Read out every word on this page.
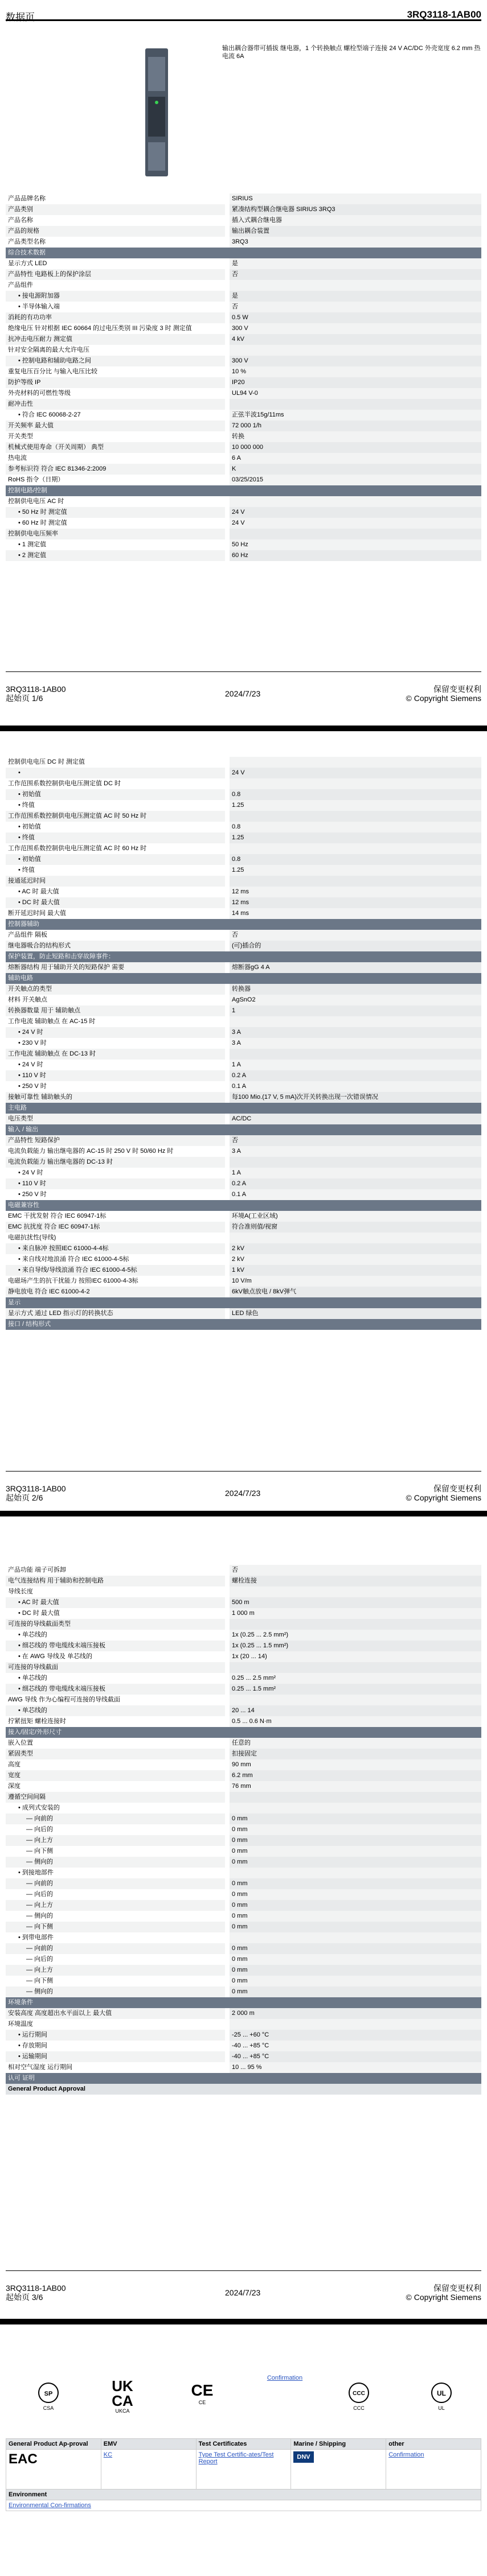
数据页	3RQ3118-1AB00
输出耦合器带可插拔 继电器，1 个转换触点 螺栓型端子连接 24 V AC/DC 外壳宽度 6.2 mm 热电流 6A
产品品牌名称	SIRIUS
产品类别	紧凑结构型耦合继电器 SIRIUS 3RQ3
产品名称	插入式耦合继电器
产品的规格	输出耦合装置
产品类型名称	3RQ3
综合技术数据	
显示方式 LED	是
产品特性 电路板上的保护涂层	否
产品组件	
• 接电源附加器	是
• 半导体输入端	否
消耗的有功功率	0.5 W
绝缘电压 针对根据 IEC 60664 的过电压类别 III 污染度 3 时 测定值	300 V
抗冲击电压耐力 测定值	4 kV
针对安全隔离的最大允许电压	
• 控制电路和辅助电路之间	300 V
重复电压百分比 与输入电压比较	10 %
防护等级 IP	IP20
外壳材料的可燃性等级	UL94 V-0
耐冲击性	
• 符合 IEC 60068-2-27	正弦半波15g/11ms
开关频率 最大值	72 000 1/h
开关类型	转换
机械式使用寿命（开关周期） 典型	10 000 000
热电流	6 A
参考标识符 符合 IEC 81346-2:2009	K
RoHS 指令（日期）	03/25/2015
控制电路/控制	
控制供电电压 AC 时	
• 50 Hz 时 测定值	24 V
• 60 Hz 时 测定值	24 V
控制供电电压频率	
• 1 测定值	50 Hz
• 2 测定值	60 Hz
3RQ3118-1AB00
起始页 1/6	2024/7/23	保留变更权利
© Copyright Siemens
控制供电电压 DC 时 测定值	
•	24 V
工作范围系数控制供电电压测定值 DC 时	
• 初始值	0.8
• 终值	1.25
工作范围系数控制供电电压测定值 AC 时 50 Hz 时	
• 初始值	0.8
• 终值	1.25
工作范围系数控制供电电压测定值 AC 时 60 Hz 时	
• 初始值	0.8
• 终值	1.25
接通延迟时间	
• AC 时 最大值	12 ms
• DC 时 最大值	12 ms
断开延迟时间 最大值	14 ms
控制器辅助	
产品组件 隔板	否
继电器吸合的结构形式	(可)插合的
保护装置，防止短路和击穿故障事件：	
熔断器结构 用于辅助开关的短路保护 需要	熔断器gG 4 A
辅助电路	
开关触点的类型	转换器
材料 开关触点	AgSnO2
转换器数量 用于 辅助触点	1
工作电流 辅助触点 在 AC-15 时	
• 24 V 时	3 A
• 230 V 时	3 A
工作电流 辅助触点 在 DC-13 时	
• 24 V 时	1 A
• 110 V 时	0.2 A
• 250 V 时	0.1 A
接触可靠性 辅助触头的	每100 Mio.(17 V, 5 mA)次开关转换出现一次错误情况
主电路	
电压类型	AC/DC
输入 / 输出	
产品特性 短路保护	否
电流负载能力 输出继电器的 AC-15 时 250 V 时 50/60 Hz 时	3 A
电流负载能力 输出继电器的 DC-13 时	
• 24 V 时	1 A
• 110 V 时	0.2 A
• 250 V 时	0.1 A
电磁兼容性	
EMC 干扰发射 符合 IEC 60947-1标	环境A(工业区域)
EMC 抗扰度 符合 IEC 60947-1标	符合准则值/视窗
电磁抗扰性(导线)	
• 来自脉冲 按照IEC 61000-4-4标	2 kV
• 来自线对地浪涌 符合 IEC 61000-4-5标	2 kV
• 来自导线/导线浪涌 符合 IEC 61000-4-5标	1 kV
电磁场产生的抗干扰能力 按照IEC 61000-4-3标	10 V/m
静电放电 符合 IEC 61000-4-2	6kV触点放电 / 8kV弹气
显示	
显示方式 通过 LED 指示灯的转换状态	LED 绿色
接口 / 结构形式	
3RQ3118-1AB00
起始页 2/6	2024/7/23	保留变更权利
© Copyright Siemens
产品功能 端子可拆卸	否
电气连接结构 用于辅助和控制电路	螺栓连接
导线长度	
• AC 时 最大值	500 m
• DC 时 最大值	1 000 m
可连接的导线截面类型	
• 单芯线的	1x (0.25 ... 2.5 mm²)
• 细芯线的 带电缆线末端压接板	1x (0.25 ... 1.5 mm²)
• 在 AWG 导线及 单芯线的	1x (20 ... 14)
可连接的导线截面	
• 单芯线的	0.25 ... 2.5 mm²
• 细芯线的 带电缆线末端压接板	0.25 ... 1.5 mm²
AWG 导线 作为心编程可连接的导线截面	
• 单芯线的	20 ... 14
拧紧扭矩 螺栓连接时	0.5 ... 0.6 N·m
接入/固定/外形尺寸	
嵌入位置	任意的
紧固类型	扣接固定
高度	90 mm
宽度	6.2 mm
深度	76 mm
遵循空间间隔	
• 成列式安装的	
— 向前的	0 mm
— 向后的	0 mm
— 向上方	0 mm
— 向下侧	0 mm
— 侧向的	0 mm
• 到接地部件	
— 向前的	0 mm
— 向后的	0 mm
— 向上方	0 mm
— 侧向的	0 mm
— 向下侧	0 mm
• 到带电部件	
— 向前的	0 mm
— 向后的	0 mm
— 向上方	0 mm
— 向下侧	0 mm
— 侧向的	0 mm
环境条件	
安装高度 高度超出水平面以上 最大值	2 000 m
环境温度	
• 运行期间	-25 ... +60 °C
• 存放期间	-40 ... +85 °C
• 运输期间	-40 ... +85 °C
相对空气湿度 运行期间	10 ... 95 %
认可 证明	
General Product Approval	
3RQ3118-1AB00
起始页 3/6	2024/7/23	保留变更权利
© Copyright Siemens
SP
CSA
UK
CA
UKCA
CE
CE
Confirmation
CCC
CCC
UL
UL
General Product Ap-proval	EMV	Test Certificates	Marine / Shipping	other
EAC	KC	Type Test Certific-ates/Test Report	DNV	Confirmation
Environment				
Environmental Con-firmations				
